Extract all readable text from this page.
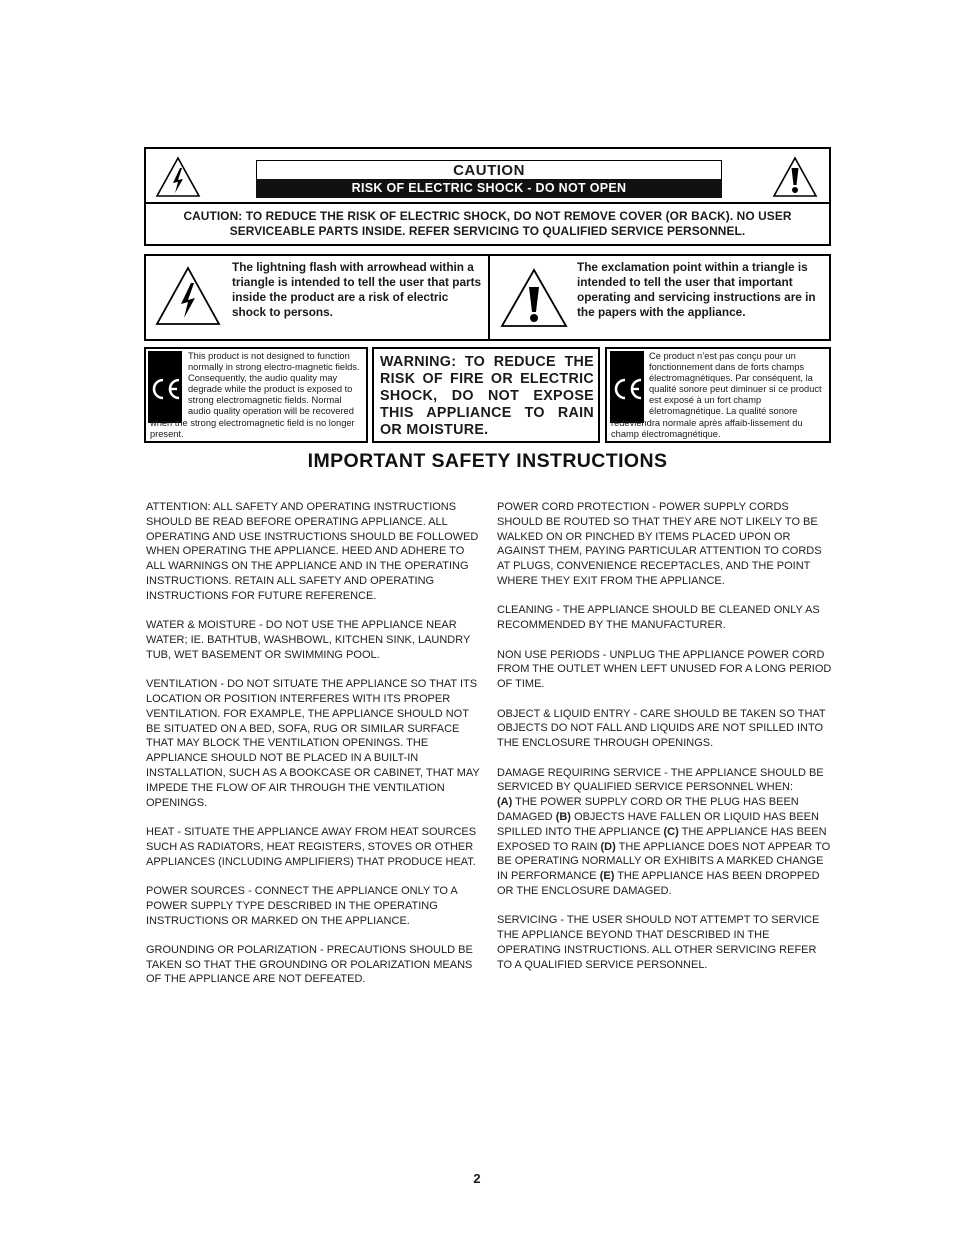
CAUTION
RISK OF ELECTRIC SHOCK - DO NOT OPEN
CAUTION: TO REDUCE THE RISK OF ELECTRIC SHOCK, DO NOT REMOVE COVER (OR BACK). NO USER SERVICEABLE PARTS INSIDE. REFER SERVICING TO QUALIFIED SERVICE PERSONNEL.
The lightning flash with arrowhead within a triangle is intended to tell the user that parts inside the product are a risk of electric shock to persons.
The exclamation point within a triangle is intended to tell the user that important operating and servicing instructions are in the papers with the appliance.
This product is not designed to function normally in strong electro-magnetic fields. Consequently, the audio quality may degrade while the product is exposed to strong electromagnetic fields. Normal audio quality operation will be recovered when the strong electromagnetic field is no longer present.
WARNING: TO REDUCE THE RISK OF FIRE OR ELECTRIC SHOCK, DO NOT EXPOSE THIS APPLIANCE TO RAIN OR MOISTURE.
Ce product n’est pas conçu pour un fonctionnement dans de forts champs électromagnétiques. Par conséquent, la qualité sonore peut diminuer si ce product est exposé à un fort champ életromagnétique. La qualité sonore redeviendra normale après affaib-lissement du champ électromagnétique.
IMPORTANT SAFETY INSTRUCTIONS

ATTENTION: ALL SAFETY AND OPERATING INSTRUCTIONS SHOULD BE READ BEFORE OPERATING APPLIANCE. ALL OPERATING AND USE INSTRUCTIONS SHOULD BE FOLLOWED WHEN OPERATING THE APPLIANCE. HEED AND ADHERE TO ALL WARNINGS ON THE APPLIANCE AND IN THE OPERATING INSTRUCTIONS. RETAIN ALL SAFETY AND OPERATING INSTRUCTIONS FOR FUTURE REFERENCE.

WATER & MOISTURE - DO NOT USE THE APPLIANCE NEAR WATER; IE. BATHTUB, WASHBOWL, KITCHEN SINK, LAUNDRY TUB, WET BASEMENT OR SWIMMING POOL.

VENTILATION - DO NOT SITUATE THE APPLIANCE SO THAT ITS LOCATION OR POSITION INTERFERES WITH ITS PROPER VENTILATION. FOR EXAMPLE, THE APPLIANCE SHOULD NOT BE SITUATED ON A BED, SOFA, RUG OR SIMILAR SURFACE THAT MAY BLOCK THE VENTILATION OPENINGS. THE APPLIANCE SHOULD NOT BE PLACED IN A BUILT-IN INSTALLATION, SUCH AS A BOOKCASE OR CABINET, THAT MAY IMPEDE THE FLOW OF AIR THROUGH THE VENTILATION OPENINGS.

HEAT - SITUATE THE APPLIANCE AWAY FROM HEAT SOURCES SUCH AS RADIATORS, HEAT REGISTERS, STOVES OR OTHER APPLIANCES (INCLUDING AMPLIFIERS) THAT PRODUCE HEAT.

POWER SOURCES - CONNECT THE APPLIANCE ONLY TO A POWER SUPPLY TYPE DESCRIBED IN THE OPERATING INSTRUCTIONS OR MARKED ON THE APPLIANCE.

GROUNDING OR POLARIZATION - PRECAUTIONS SHOULD BE TAKEN SO THAT THE GROUNDING OR POLARIZATION MEANS OF THE APPLIANCE ARE NOT DEFEATED.

POWER CORD PROTECTION - POWER SUPPLY CORDS SHOULD BE ROUTED SO THAT THEY ARE NOT LIKELY TO BE WALKED ON OR PINCHED BY ITEMS PLACED UPON OR AGAINST THEM, PAYING PARTICULAR ATTENTION TO CORDS AT PLUGS, CONVENIENCE RECEPTACLES, AND THE POINT WHERE THEY EXIT FROM THE APPLIANCE.

CLEANING - THE APPLIANCE SHOULD BE CLEANED ONLY AS RECOMMENDED BY THE MANUFACTURER.

NON USE PERIODS - UNPLUG THE APPLIANCE POWER CORD FROM THE OUTLET WHEN LEFT UNUSED FOR A LONG PERIOD OF TIME.

OBJECT & LIQUID ENTRY - CARE SHOULD BE TAKEN SO THAT OBJECTS DO NOT FALL AND LIQUIDS ARE NOT SPILLED INTO THE ENCLOSURE THROUGH OPENINGS.

DAMAGE REQUIRING SERVICE - THE APPLIANCE SHOULD BE SERVICED BY QUALIFIED SERVICE PERSONNEL WHEN:
(A) THE POWER SUPPLY CORD OR THE PLUG HAS BEEN DAMAGED (B) OBJECTS HAVE FALLEN OR LIQUID HAS BEEN SPILLED INTO THE APPLIANCE (C) THE APPLIANCE HAS BEEN EXPOSED TO RAIN (D) THE APPLIANCE DOES NOT APPEAR TO BE OPERATING NORMALLY OR EXHIBITS A MARKED CHANGE IN PERFORMANCE (E) THE APPLIANCE HAS BEEN DROPPED OR THE ENCLOSURE DAMAGED.

SERVICING - THE USER SHOULD NOT ATTEMPT TO SERVICE THE APPLIANCE BEYOND THAT DESCRIBED IN THE OPERATING INSTRUCTIONS. ALL OTHER SERVICING REFER TO A QUALIFIED SERVICE PERSONNEL.

2
